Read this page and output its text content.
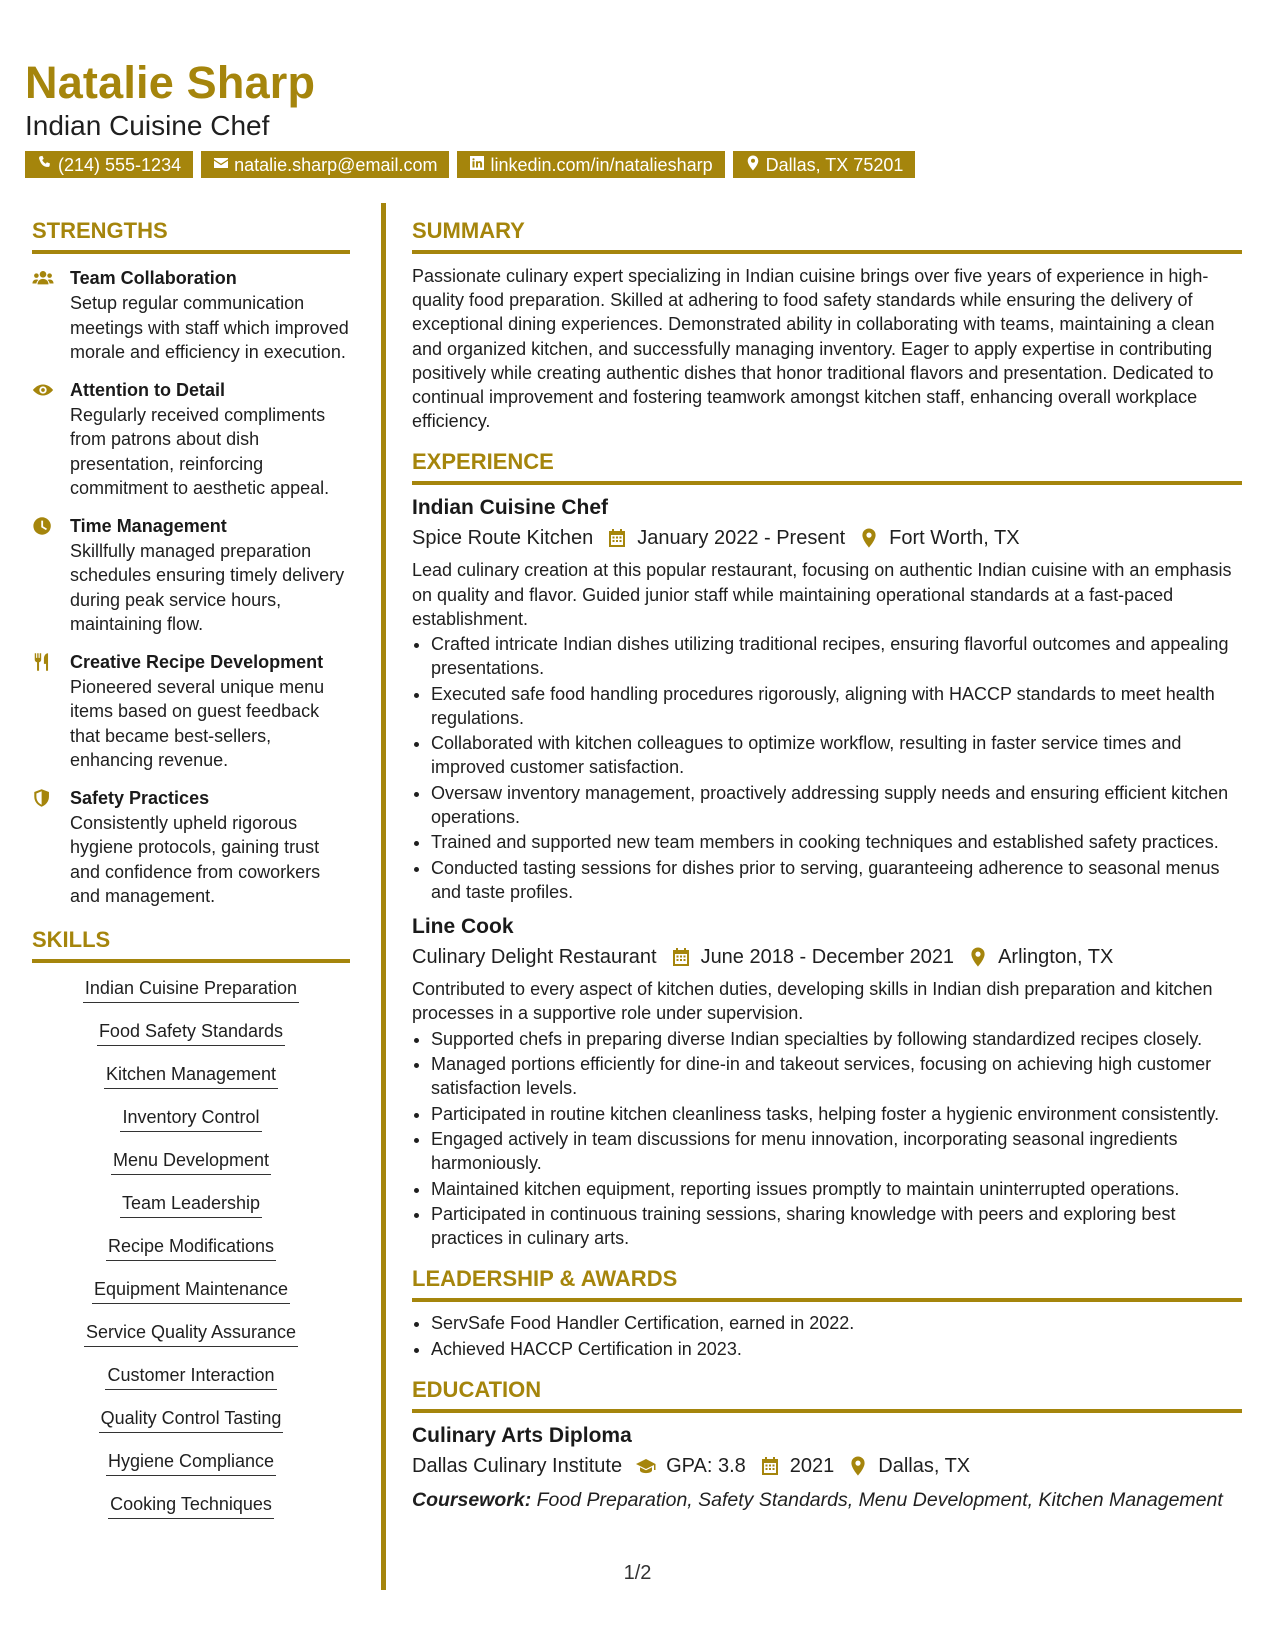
Natalie Sharp
Indian Cuisine Chef
(214) 555-1234	natalie.sharp@email.com	linkedin.com/in/nataliesharp	Dallas, TX 75201
STRENGTHS
Team Collaboration
Setup regular communication meetings with staff which improved morale and efficiency in execution.
Attention to Detail
Regularly received compliments from patrons about dish presentation, reinforcing commitment to aesthetic appeal.
Time Management
Skillfully managed preparation schedules ensuring timely delivery during peak service hours, maintaining flow.
Creative Recipe Development
Pioneered several unique menu items based on guest feedback that became best-sellers, enhancing revenue.
Safety Practices
Consistently upheld rigorous hygiene protocols, gaining trust and confidence from coworkers and management.
SKILLS
Indian Cuisine Preparation
Food Safety Standards
Kitchen Management
Inventory Control
Menu Development
Team Leadership
Recipe Modifications
Equipment Maintenance
Service Quality Assurance
Customer Interaction
Quality Control Tasting
Hygiene Compliance
Cooking Techniques
SUMMARY

Passionate culinary expert specializing in Indian cuisine brings over five years of experience in high-quality food preparation. Skilled at adhering to food safety standards while ensuring the delivery of exceptional dining experiences. Demonstrated ability in collaborating with teams, maintaining a clean and organized kitchen, and successfully managing inventory. Eager to apply expertise in contributing positively while creating authentic dishes that honor traditional flavors and presentation. Dedicated to continual improvement and fostering teamwork amongst kitchen staff, enhancing overall workplace efficiency.

EXPERIENCE
Indian Cuisine Chef
Spice Route Kitchen January 2022 - Present Fort Worth, TX

Lead culinary creation at this popular restaurant, focusing on authentic Indian cuisine with an emphasis on quality and flavor. Guided junior staff while maintaining operational standards at a fast-paced establishment.

• Crafted intricate Indian dishes utilizing traditional recipes, ensuring flavorful outcomes and appealing presentations.
• Executed safe food handling procedures rigorously, aligning with HACCP standards to meet health regulations.
• Collaborated with kitchen colleagues to optimize workflow, resulting in faster service times and improved customer satisfaction.
• Oversaw inventory management, proactively addressing supply needs and ensuring efficient kitchen operations.
• Trained and supported new team members in cooking techniques and established safety practices.
• Conducted tasting sessions for dishes prior to serving, guaranteeing adherence to seasonal menus and taste profiles.
Line Cook
Culinary Delight Restaurant June 2018 - December 2021 Arlington, TX

Contributed to every aspect of kitchen duties, developing skills in Indian dish preparation and kitchen processes in a supportive role under supervision.

• Supported chefs in preparing diverse Indian specialties by following standardized recipes closely.
• Managed portions efficiently for dine-in and takeout services, focusing on achieving high customer satisfaction levels.
• Participated in routine kitchen cleanliness tasks, helping foster a hygienic environment consistently.
• Engaged actively in team discussions for menu innovation, incorporating seasonal ingredients harmoniously.
• Maintained kitchen equipment, reporting issues promptly to maintain uninterrupted operations.
• Participated in continuous training sessions, sharing knowledge with peers and exploring best practices in culinary arts.
LEADERSHIP & AWARDS
• ServSafe Food Handler Certification, earned in 2022.
• Achieved HACCP Certification in 2023.
EDUCATION
Culinary Arts Diploma
Dallas Culinary Institute GPA: 3.8 2021 Dallas, TX
Coursework: Food Preparation, Safety Standards, Menu Development, Kitchen Management
1/2
